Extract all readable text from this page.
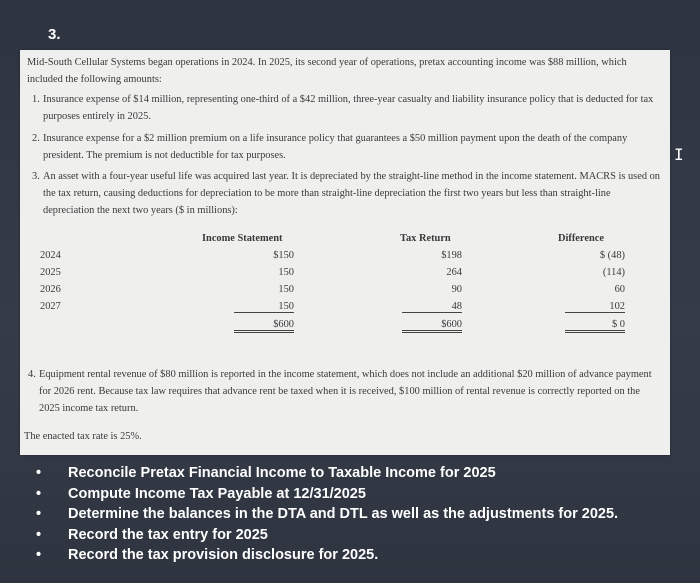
3.
I
Mid-South Cellular Systems began operations in 2024. In 2025, its second year of operations, pretax accounting income was $88 million, which included the following amounts:
1. Insurance expense of $14 million, representing one-third of a $42 million, three-year casualty and liability insurance policy that is deducted for tax purposes entirely in 2025.
2. Insurance expense for a $2 million premium on a life insurance policy that guarantees a $50 million payment upon the death of the company president. The premium is not deductible for tax purposes.
3. An asset with a four-year useful life was acquired last year. It is depreciated by the straight-line method in the income statement. MACRS is used on the tax return, causing deductions for depreciation to be more than straight-line depreciation the first two years but less than straight-line depreciation the next two years ($ in millions):
Income Statement	Tax Return	Difference
2024	$150	$198	$ (48)
2025	150	264	(114)
2026	150	90	60
2027	150	48	102
$600	$600	$ 0
4. Equipment rental revenue of $80 million is reported in the income statement, which does not include an additional $20 million of advance payment for 2026 rent. Because tax law requires that advance rent be taxed when it is received, $100 million of rental revenue is correctly reported on the 2025 income tax return.
The enacted tax rate is 25%.
•	Reconcile Pretax Financial Income to Taxable Income for 2025
•	Compute Income Tax Payable at 12/31/2025
•	Determine the balances in the DTA and DTL as well as the adjustments for 2025.
•	Record the tax entry for 2025
•	Record the tax provision disclosure for 2025.
